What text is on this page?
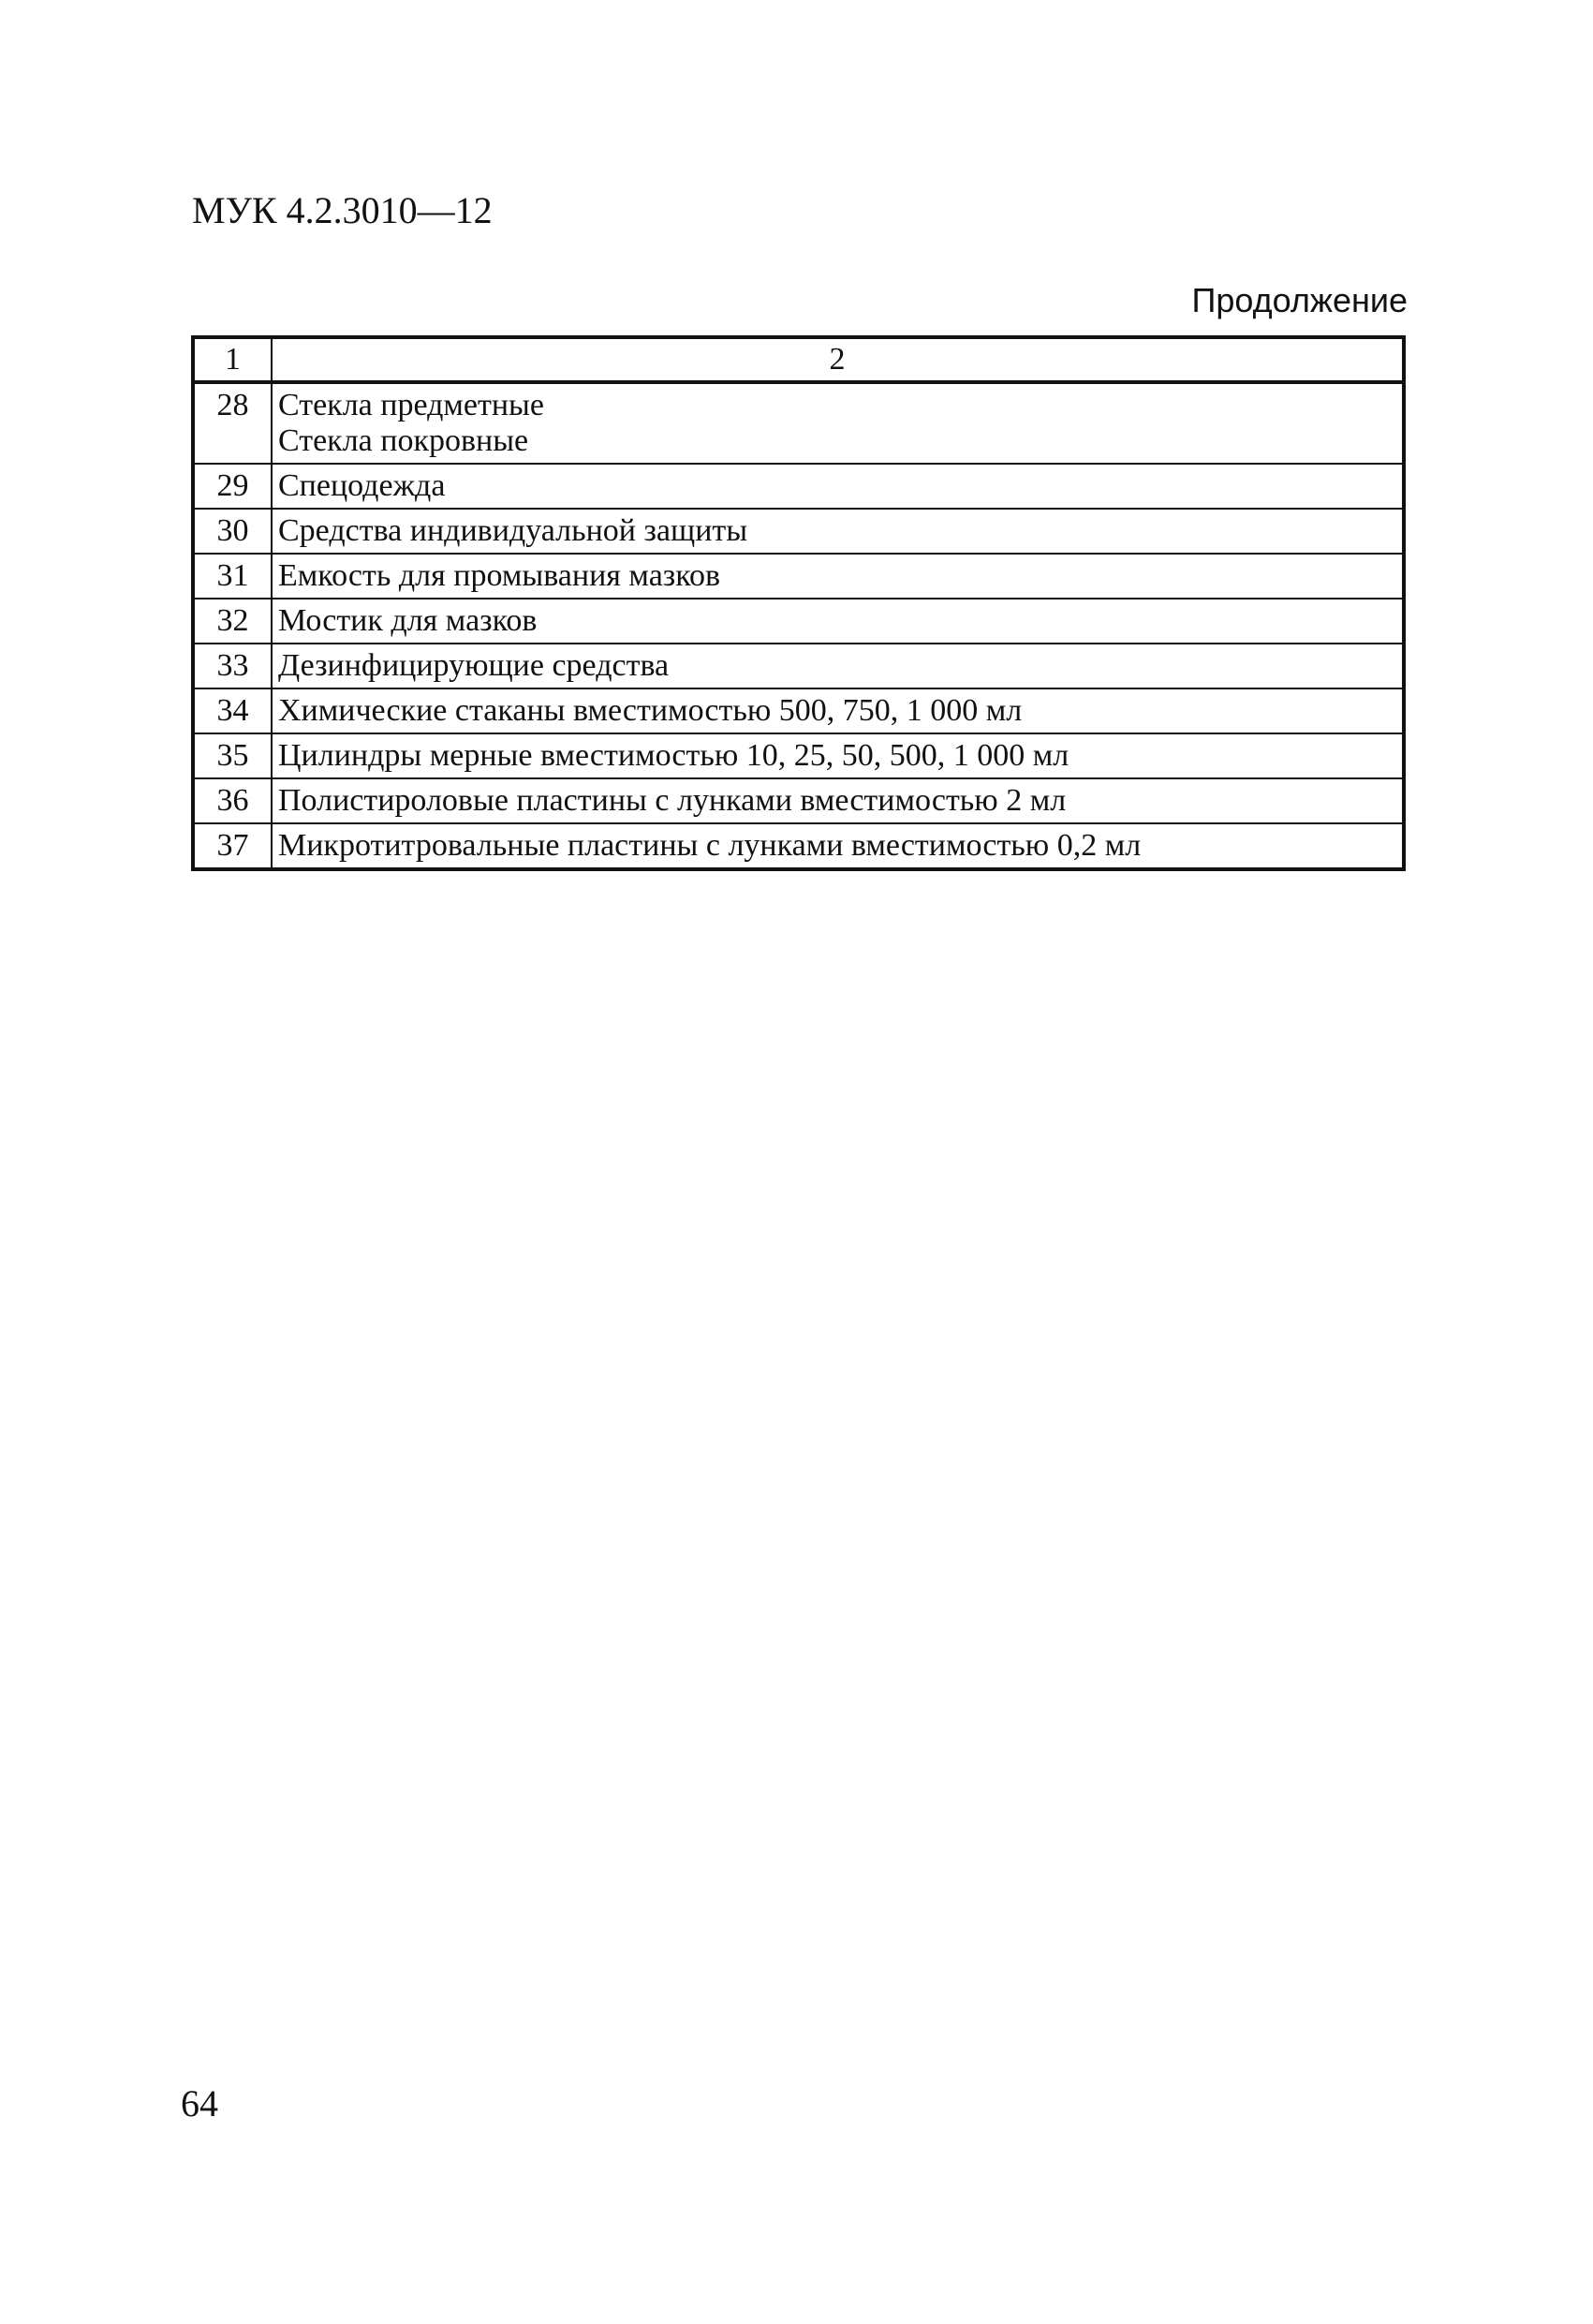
МУК 4.2.3010—12
Продолжение
1	2
28	Стекла предметные
Стекла покровные

29	Спецодежда
30	Средства индивидуальной защиты
31	Емкость для промывания мазков
32	Мостик для мазков
33	Дезинфицирующие средства
34	Химические стаканы вместимостью 500, 750, 1 000 мл
35	Цилиндры мерные вместимостью 10, 25, 50, 500, 1 000 мл
36	Полистироловые пластины с лунками вместимостью 2 мл
37	Микротитровальные пластины с лунками вместимостью 0,2 мл
64
